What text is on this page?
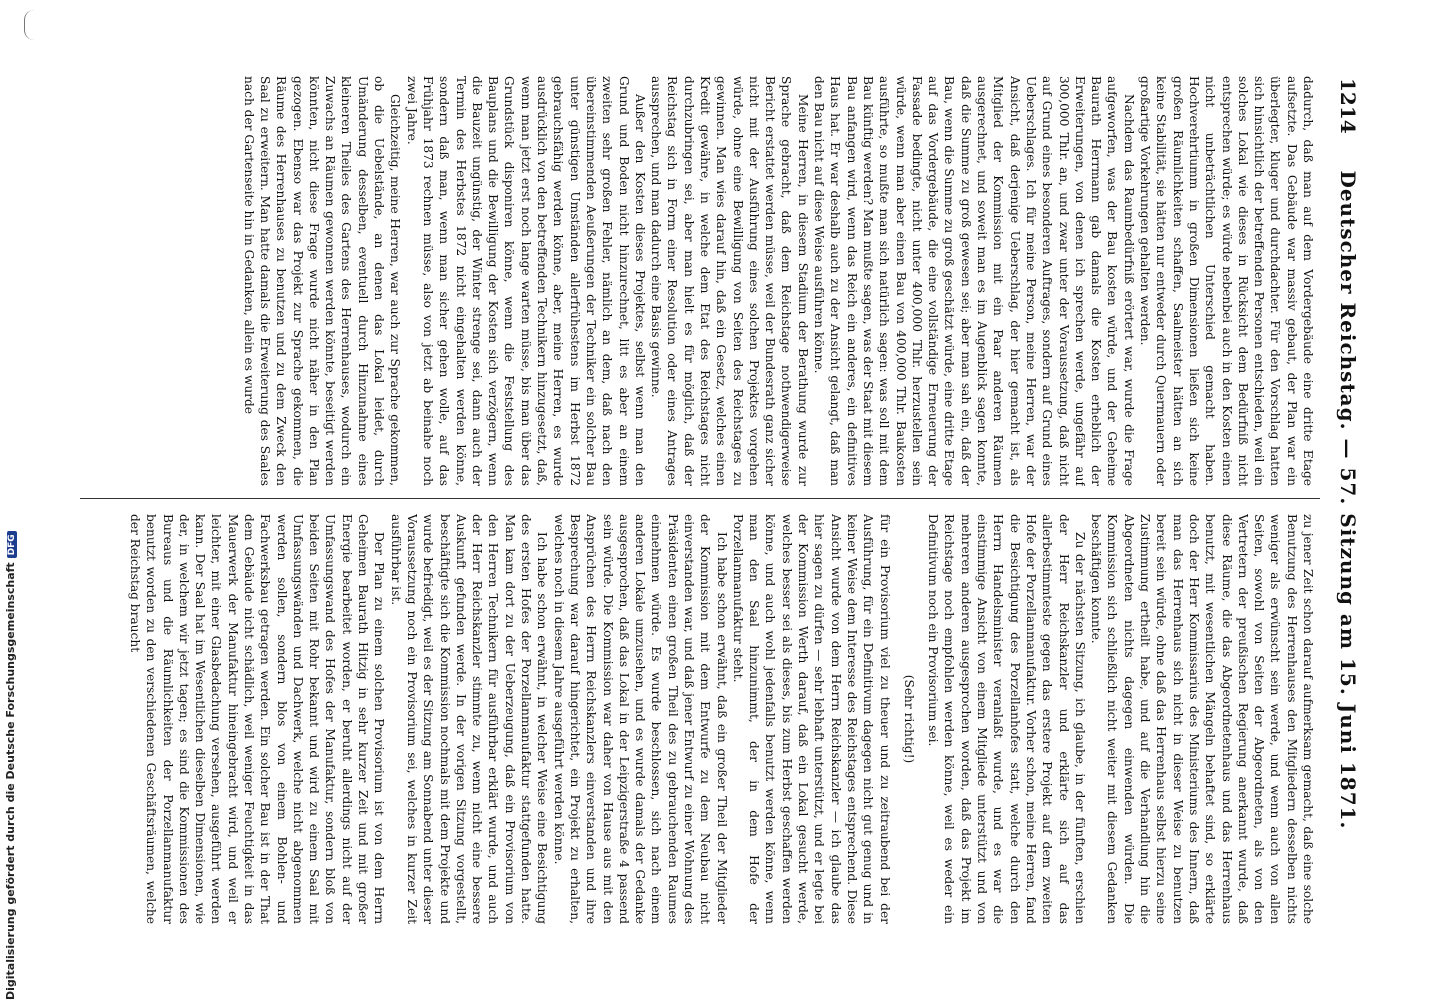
1214
Deutscher Reichstag. — 57. Sitzung am 15. Juni 1871.

dadurch, daß man auf dem Vordergebäude eine dritte Etage aufsetzte. Das Gebäude war massiv gebaut, der Plan war ein überlegter, kluger und durchdachter. Für den Vorschlag hatten sich hinsichtlich der betreffenden Personen entschieden, weil ein solches Lokal wie dieses in Rücksicht dem Bedürfniß nicht entsprechen würde; es würde nebenbei auch in den Kosten einen nicht unbeträchtlichen Unterschied gemacht haben. Hochverehrtiumm in großen Dimensionen ließen sich keine großen Räumlichkeiten schaffen, Saalmeister hätten an sich keine Stabilität, sie hätten nur entweder durch Quermauern oder großartige Vorkehrungen gehalten werden.

Nachdem das Raumbedürfniß erörtert war, wurde die Frage aufgeworfen, was der Bau kosten würde, und der Geheime Baurath Herrmann gab damals die Kosten erheblich der Erweiterungen, von denen ich sprechen werde, ungefähr auf 300,000 Thlr. an, und zwar unter der Voraussetzung, daß nicht auf Grund eines besonderen Auftrages, sondern auf Grund eines Ueberschlages. Ich für meine Person, meine Herren, war der Ansicht, daß derjenige Ueberschlag, der hier gemacht ist, als Mitglied der Kommission mit ein Paar anderen Räumen ausgerechnet, und soweit man es im Augenblick sagen konnte, daß die Summe zu groß gewesen sei; aber man sah ein, daß der Bau, wenn die Summe zu groß geschätzt würde, eine dritte Etage auf das Vordergebäude, die eine vollständige Erneuerung der Fassade bedingte, nicht unter 400,000 Thlr. herzustellen sein würde, wenn man aber einen Bau von 400,000 Thlr. Baukosten ausführte, so mußte man sich natürlich sagen: was soll mit dem Bau künftig werden? Man mußte sagen, was der Staat mit diesem Bau anfangen wird, wenn das Reich ein anderes, ein definitives Haus hat. Er war deshalb auch zu der Ansicht gelangt, daß man den Bau nicht auf diese Weise ausführen könne.

Meine Herren, in diesem Stadium der Berathung wurde zur Sprache gebracht, daß dem Reichstage nothwendigerweise Bericht erstattet werden müsse, weil der Bundesrath ganz sicher nicht mit der Ausführung eines solchen Projektes vorgehen würde, ohne eine Bewilligung von Seiten des Reichstages zu gewinnen. Man wies darauf hin, daß ein Gesetz, welches einen Kredit gewähre, in welche dem Etat des Reichstages nicht durchzubringen sei, aber man hielt es für möglich, daß der Reichstag sich in Form einer Resolution oder eines Antrages aussprechen, und man dadurch eine Basis gewinne.

Außer den Kosten dieses Projektes, selbst wenn man den Grund und Boden nicht hinzurechnet, litt es aber an einem zweiten sehr großen Fehler, nämlich an dem, daß nach den übereinstimmenden Aeußerungen der Techniker ein solcher Bau unter günstigen Umständen allerfrühestens im Herbst 1872 gebrauchsfähig werden könne, aber, meine Herren, es wurde ausdrücklich von den betreffenden Technikern hinzugesetzt, daß, wenn man jetzt erst noch lange warten müsse, bis man über das Grundstück disponiren könne, wenn die Feststellung des Bauplans und die Bewilligung der Kosten sich verzögern, wenn die Bauzeit ungünstig, der Winter strenge sei, dann auch der Termin des Herbstes 1872 nicht eingehalten werden könne, sondern daß man, wenn man sicher gehen wolle, auf das Frühjahr 1873 rechnen müsse, also von jetzt ab beinahe noch zwei Jahre.

Gleichzeitig, meine Herren, war auch zur Sprache gekommen, ob die Uebelstände, an denen das Lokal leidet, durch Umänderung desselben, eventuell durch Hinzunahme eines kleineren Theiles des Gartens des Herrenhauses, wodurch ein Zuwachs an Räumen gewonnen werden könnte, beseitigt werden könnten, nicht diese Frage wurde nicht näher in den Plan gezogen. Ebenso war das Projekt zur Sprache gekommen, die Räume des Herrenhauses zu benutzen und zu dem Zweck den Saal zu erweitern. Man hatte damals die Erweiterung des Saales nach der Gartenseite hin in Gedanken, allein es wurde

zu jener Zeit schon darauf aufmerksam gemacht, daß eine solche Benutzung des Herrenhauses den Mitgliedern desselben nichts weniger als erwünscht sein werde, und wenn auch von allen Seiten, sowohl von Seiten der Abgeordneten, als von den Vertretern der preußischen Regierung anerkannt wurde, daß diese Räume, die das Abgeordnetenhaus und das Herrenhaus benutzt, mit wesentlichen Mängeln behaftet sind, so erklärte doch der Herr Kommissarius des Ministeriums des Innern, daß man das Herrenhaus sich nicht in dieser Weise zu benutzen bereit sein würde, ohne daß das Herrenhaus selbst hierzu seine Zustimmung ertheilt habe, und auf die Verhandlung hin die Abgeordneten nichts dagegen einwenden würden. Die Kommission sich schließlich nicht weiter mit diesem Gedanken beschäftigen konnte.

Zu der nächsten Sitzung, ich glaube, in der fünften, erschien der Herr Reichskanzler und erklärte sich auf das allerbestimmteste gegen das erstere Projekt auf dem zweiten Hofe der Porzellanmanufaktur. Vorher schon, meine Herren, fand die Besichtigung des Porzellanhofes statt, welche durch den Herrn Handelsminister veranlaßt wurde, und es war die einstimmige Ansicht von einem Mitgliede unterstützt und von mehreren anderen ausgesprochen worden, daß das Projekt im Reichstage noch empfohlen werden könne, weil es weder ein Definitivum noch ein Provisorium sei.

(Sehr richtig!)

für ein Provisorium viel zu theuer und zu zeitraubend bei der Ausführung, für ein Definitivum dagegen nicht gut genug und in keiner Weise dem Interesse des Reichstages entsprechend. Diese Ansicht wurde von dem Herrn Reichskanzler — ich glaube das hier sagen zu dürfen — sehr lebhaft unterstützt, und er legte bei der Kommission Werth darauf, daß ein Lokal gesucht werde, welches besser sei als dieses, bis zum Herbst geschaffen werden könne, und auch wohl jedenfalls benutzt werden könne, wenn man den Saal hinzunimmt, der in dem Hofe der Porzellanmanufaktur steht.

Ich habe schon erwähnt, daß ein großer Theil der Mitglieder der Kommission mit dem Entwurfe zu dem Neubau nicht einverstanden war, und daß jener Entwurf zu einer Wohnung des Präsidenten einen großen Theil des zu gebrauchenden Raumes einnehmen würde. Es wurde beschlossen, sich nach einem anderen Lokale umzusehen, und es wurde damals der Gedanke ausgesprochen, daß das Lokal in der Leipzigerstraße 4 passend sein würde. Die Kommission war daher von Hause aus mit den Ansprüchen des Herrn Reichskanzlers einverstanden und ihre Besprechung war darauf hingerichtet, ein Projekt zu erhalten, welches noch in diesem Jahre ausgeführt werden könne.

Ich habe schon erwähnt, in welcher Weise eine Besichtigung des ersten Hofes der Porzellanmanufaktur stattgefunden hatte. Man kam dort zu der Ueberzeugung, daß ein Provisorium von den Herren Technikern für ausführbar erklärt wurde, und auch der Herr Reichskanzler stimmte zu, wenn nicht eine bessere Auskunft gefunden werde. In der vorigen Sitzung vorgestellt, beschäftigte sich die Kommission nochmals mit dem Projekte und wurde befriedigt, weil es der Sitzung am Sonnabend unter dieser Voraussetzung noch ein Provisorium sei, welches in kurzer Zeit ausführbar ist.

Der Plan zu einem solchen Provisorium ist von dem Herrn Geheimen Baurath Hitzig in sehr kurzer Zeit und mit großer Energie bearbeitet worden, er beruht allerdings nicht auf der Umfassungswand des Hofes der Manufaktur, sondern bloß von beiden Seiten mit Rohr bekannt und wird zu einem Saal mit Umfassungswänden und Dachwerk, welche nicht abgenommen werden sollen, sondern blos von einem Bohlen- und Fachwerksbau getragen werden. Ein solcher Bau ist in der That dem Gebäude nicht schädlich, weil weniger Feuchtigkeit in das Mauerwerk der Manufaktur hineingebracht wird, und weil er leichter, mit einer Glasbedachung versehen, ausgeführt werden kann. Der Saal hat im Wesentlichen dieselben Dimensionen, wie der, in welchem wir jetzt tagen; es sind die Kommissionen des Bureaus und die Räumlichkeiten der Porzellanmanufaktur benutzt worden zu den verschiedenen Geschäftsräumen, welche der Reichstag braucht

Digitalisierung gefördert durch die Deutsche ForschungsgemeinschaftDFG
